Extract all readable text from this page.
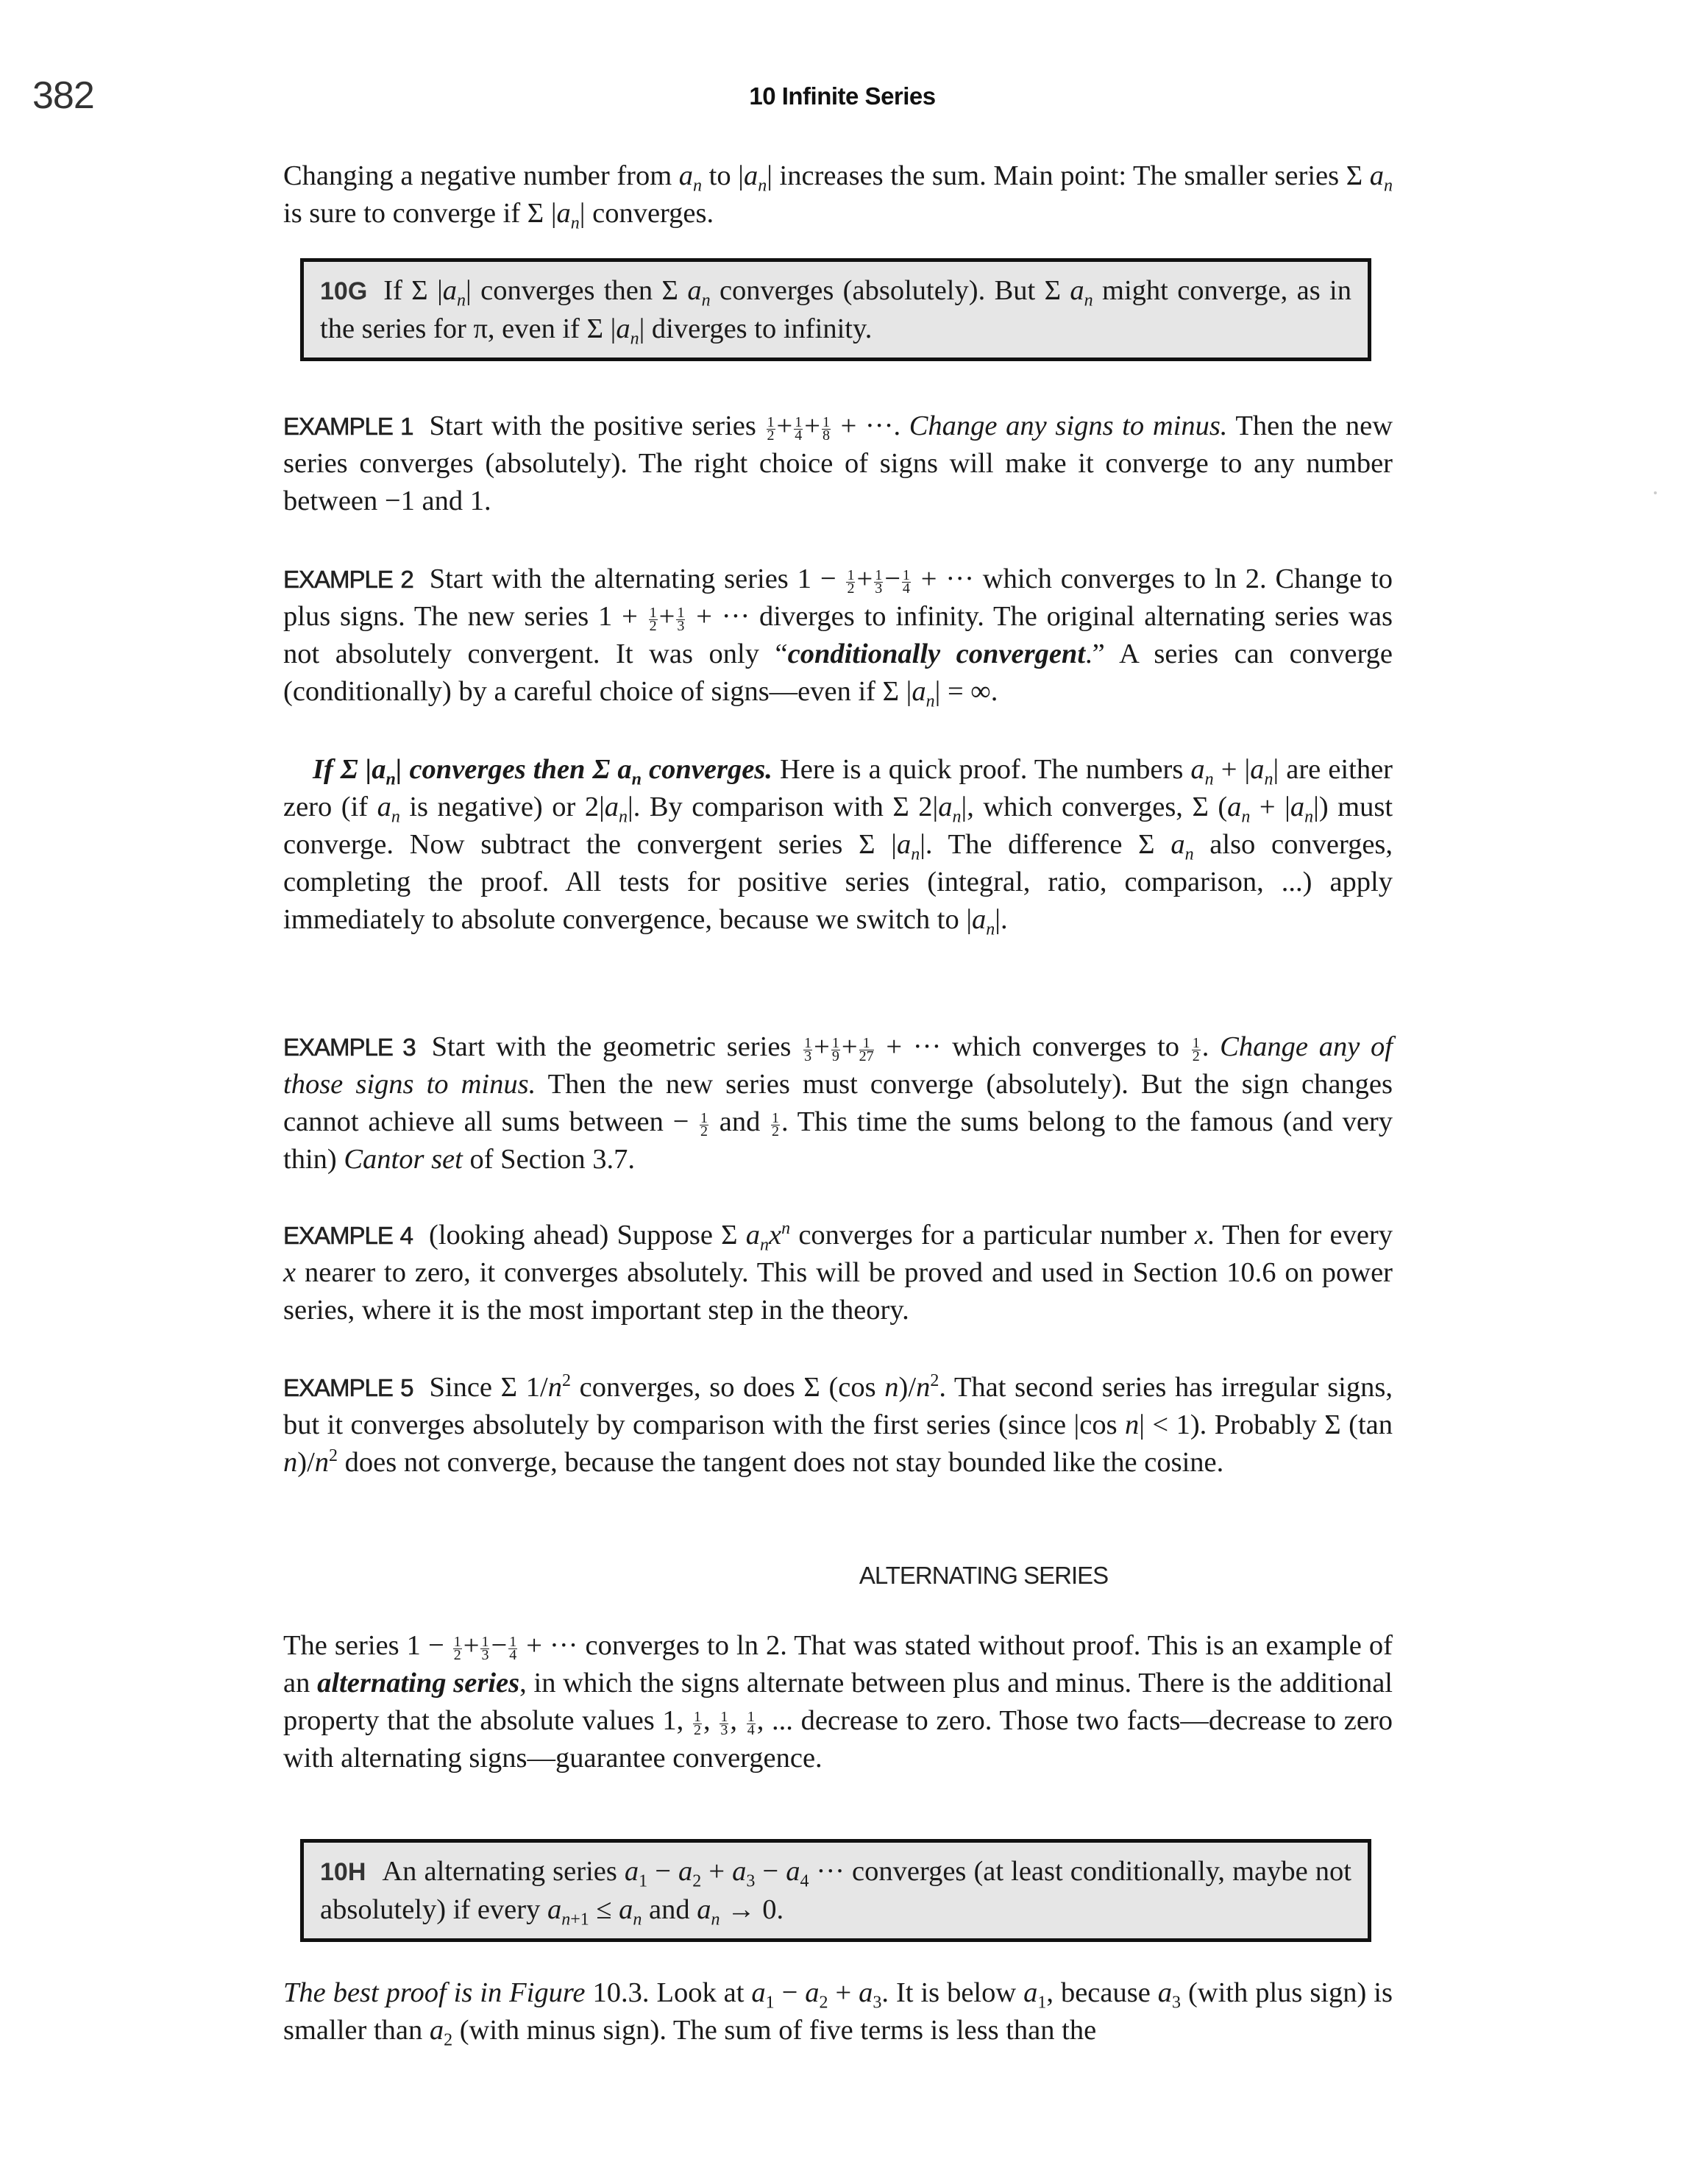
382	10 Infinite Series

Changing a negative number from $a_n$ to $|a_n|$ increases the sum. Main point: The smaller series Σ $a_n$ is sure to converge if Σ $|a_n|$ converges.

10G If Σ $|a_n|$ converges then Σ $a_n$ converges (absolutely). But Σ $a_n$ might converge, as in the series for π, even if Σ $|a_n|$ diverges to infinity.

EXAMPLE 1 Start with the positive series $\frac{1}{2} + \frac{1}{4} + \frac{1}{8}$ + ···. Change any signs to minus. Then the new series converges (absolutely). The right choice of signs will make it converge to any number between −1 and 1.

EXAMPLE 2 Start with the alternating series $1 - \frac{1}{2} + \frac{1}{3} - \frac{1}{4}$ + ··· which converges to ln 2. Change to plus signs. The new series $1 + \frac{1}{2} + \frac{1}{3}$ + ··· diverges to infinity. The original alternating series was not absolutely convergent. It was only “conditionally convergent.” A series can converge (conditionally) by a careful choice of signs—even if Σ $|a_n|$ = ∞.

If Σ $|a_n|$ converges then Σ $a_n$ converges. Here is a quick proof. The numbers $a_n + |a_n|$ are either zero (if $a_n$ is negative) or $2|a_n|$. By comparison with Σ $2|a_n|$, which converges, Σ $(a_n + |a_n|)$ must converge. Now subtract the convergent series Σ $|a_n|$. The difference Σ $a_n$ also converges, completing the proof. All tests for positive series (integral, ratio, comparison, ...) apply immediately to absolute convergence, because we switch to $|a_n|$.

EXAMPLE 3 Start with the geometric series $\frac{1}{3} + \frac{1}{9} + \frac{1}{27}$ + ··· which converges to $\frac{1}{2}$ . Change any of those signs to minus. Then the new series must converge (absolutely). But the sign changes cannot achieve all sums between − $\frac{1}{2}$ and $\frac{1}{2}$ . This time the sums belong to the famous (and very thin) Cantor set of Section 3.7.

EXAMPLE 4 (looking ahead) Suppose Σ $a_nx^n$ converges for a particular number x. Then for every x nearer to zero, it converges absolutely. This will be proved and used in Section 10.6 on power series, where it is the most important step in the theory.

EXAMPLE 5 Since Σ $1/n^2$ converges, so does Σ (cos $n)/n^2$. That second series has irregular signs, but it converges absolutely by comparison with the first series (since |cos n| < 1). Probably Σ (tan $n)/n^2$ does not converge, because the tangent does not stay bounded like the cosine.

ALTERNATING SERIES

The series $1 - \frac{1}{2} + \frac{1}{3} - \frac{1}{4}$ + ··· converges to ln 2. That was stated without proof. This is an example of an alternating series, in which the signs alternate between plus and minus. There is the additional property that the absolute values 1, $\frac{1}{2}$ , $\frac{1}{3}$ , $\frac{1}{4}$ , ... decrease to zero. Those two facts—decrease to zero with alternating signs—guarantee convergence.

10H An alternating series $a_1 - a_2 + a_3 - a_4$ ··· converges (at least conditionally, maybe not absolutely) if every $a_{n+1} \le a_n$ and $a_n \to 0$.

The best proof is in Figure 10.3. Look at $a_1 - a_2 + a_3$. It is below $a_1$, because $a_3$ (with plus sign) is smaller than $a_2$ (with minus sign). The sum of five terms is less than the
